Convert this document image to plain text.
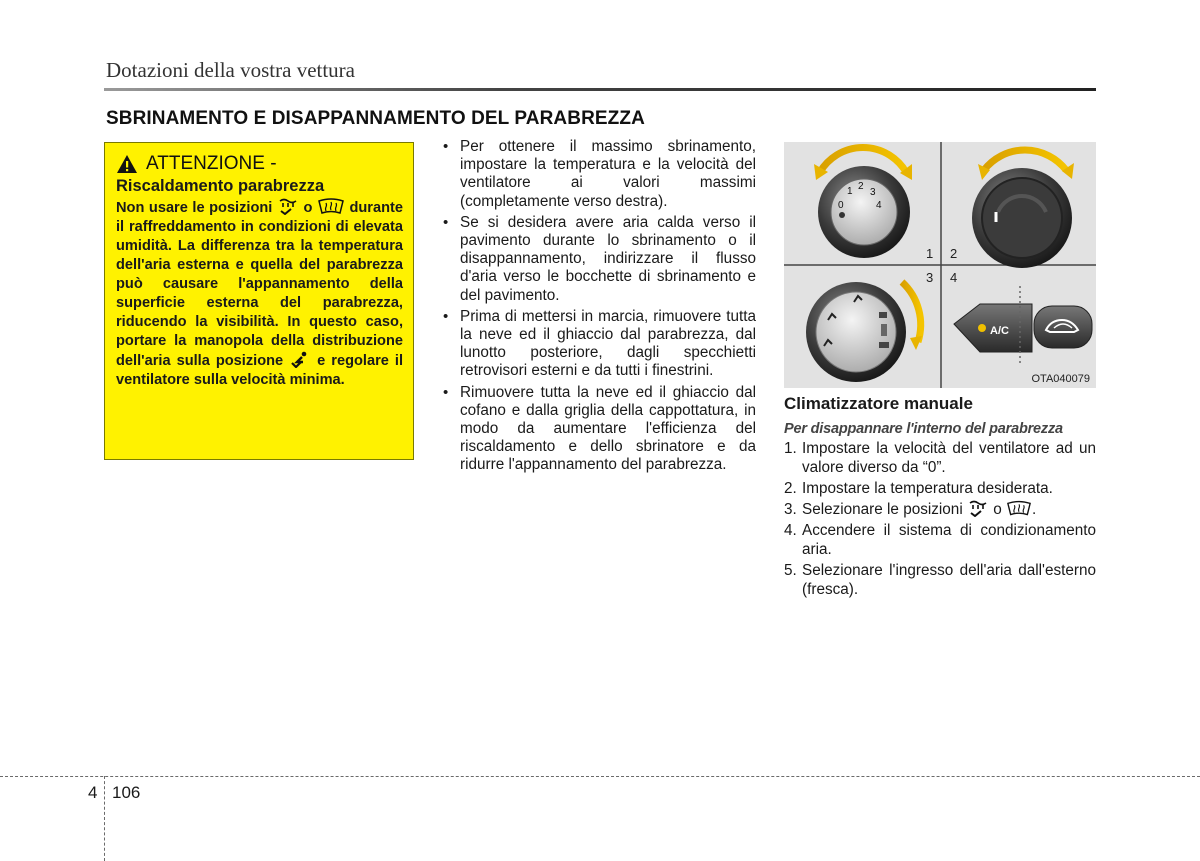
Dotazioni della vostra vettura
SBRINAMENTO E DISAPPANNAMENTO DEL PARABREZZA
ATTENZIONE -
Riscaldamento parabrezza
Non usare le posizioni o	durante il raffreddamento in condizioni di elevata umidità. La differenza tra la temperatura dell'aria esterna e quella del parabrezza può causare l'appannamento della superficie esterna del parabrezza, riducendo la visibilità. In questo caso, portare la manopola della distribuzione dell'aria sulla posizione e regolare il ventilatore sulla velocità minima.
• Per ottenere il massimo sbrinamento, impostare la temperatura e la velocità del ventilatore ai valori massimi (completamente verso destra).
• Se si desidera avere aria calda verso il pavimento durante lo sbrinamento o il disappannamento, indirizzare il flusso d'aria verso le bocchette di sbrinamento e del pavimento.
• Prima di mettersi in marcia, rimuovere tutta la neve ed il ghiaccio dal parabrezza, dal lunotto posteriore, dagli specchietti retrovisori esterni e da tutti i finestrini.
• Rimuovere tutta la neve ed il ghiaccio dal cofano e dalla griglia della cappottatura, in modo da aumentare l'efficienza del riscaldamento e dello sbrinatore e da ridurre l'appannamento del parabrezza.
0
1 2
3
4
A/C
1 2
3 4
OTA040079
Climatizzatore manuale
Per disappannare l'interno del parabrezza
1. Impostare la velocità del ventilatore ad un valore diverso da “0”.
2. Impostare la temperatura desiderata.
3. Selezionare le posizioni o .
4. Accendere il sistema di condizionamento aria.
5. Selezionare l'ingresso dell'aria dall'esterno (fresca).
4 106
